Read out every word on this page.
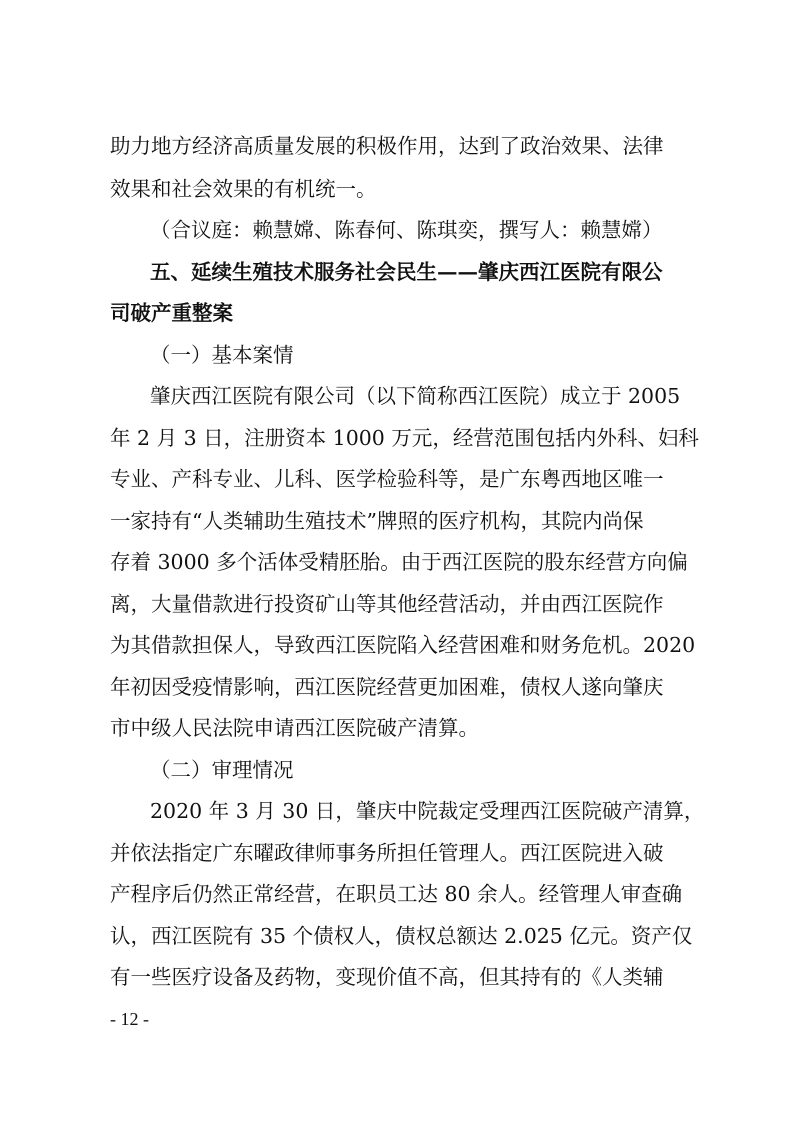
助力地方经济高质量发展的积极作用，达到了政治效果、法律
效果和社会效果的有机统一。
（合议庭：赖慧嫦、陈春何、陈琪奕，撰写人：赖慧嫦）
五、延续生殖技术服务社会民生——肇庆西江医院有限公
司破产重整案
（一）基本案情
肇庆西江医院有限公司（以下简称西江医院）成立于 2005
年 2 月 3 日，注册资本 1000 万元，经营范围包括内外科、妇科
专业、产科专业、儿科、医学检验科等，是广东粤西地区唯一
一家持有“人类辅助生殖技术”牌照的医疗机构，其院内尚保
存着 3000 多个活体受精胚胎。由于西江医院的股东经营方向偏
离，大量借款进行投资矿山等其他经营活动，并由西江医院作
为其借款担保人，导致西江医院陷入经营困难和财务危机。2020
年初因受疫情影响，西江医院经营更加困难，债权人遂向肇庆
市中级人民法院申请西江医院破产清算。
（二）审理情况
2020 年 3 月 30 日，肇庆中院裁定受理西江医院破产清算，
并依法指定广东曜政律师事务所担任管理人。西江医院进入破
产程序后仍然正常经营，在职员工达 80 余人。经管理人审查确
认，西江医院有 35 个债权人，债权总额达 2.025 亿元。资产仅
有一些医疗设备及药物，变现价值不高，但其持有的《人类辅
- 12 -
